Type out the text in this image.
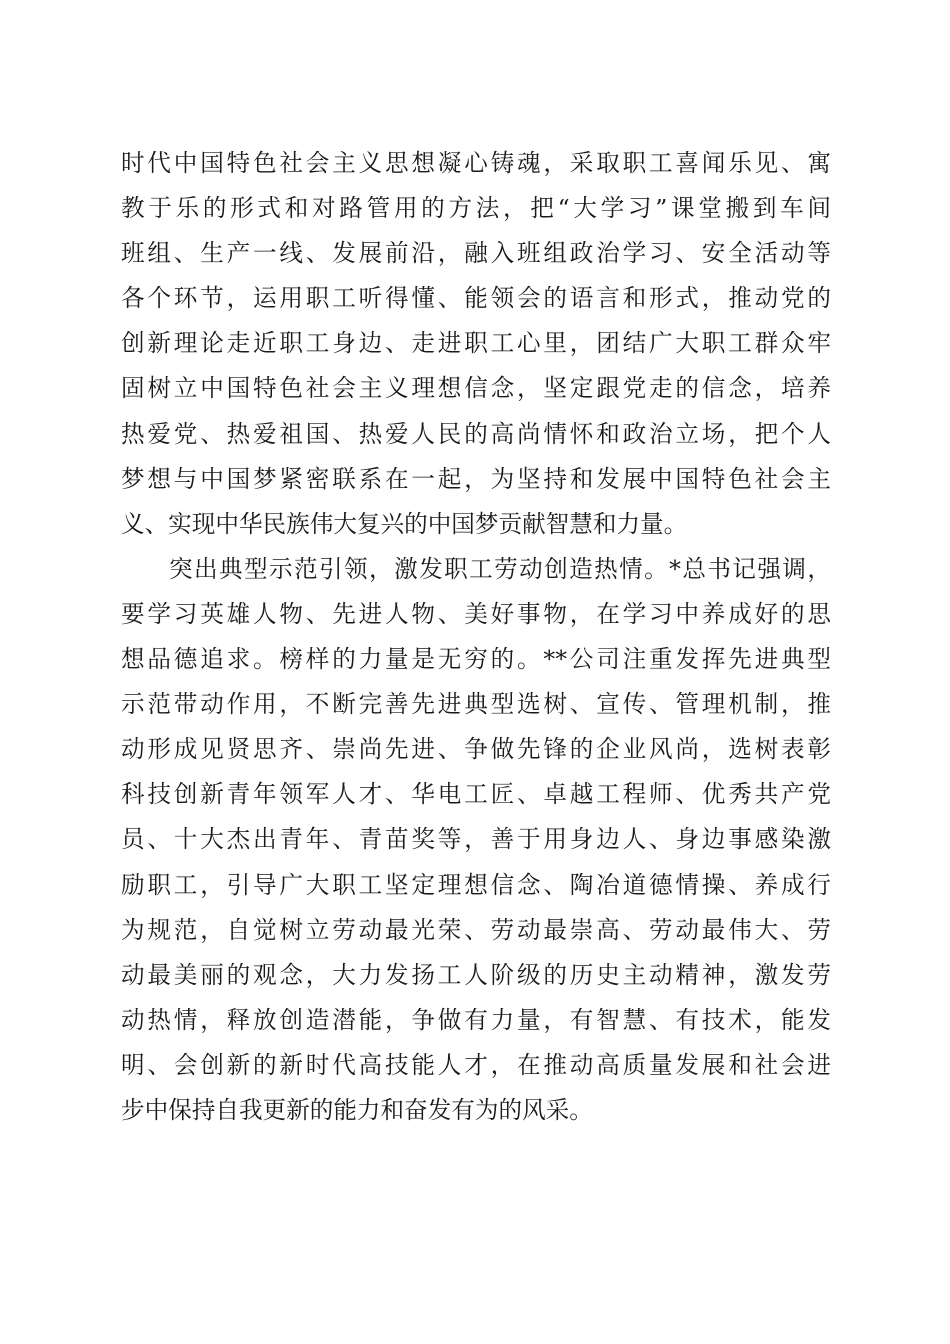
时代中国特色社会主义思想凝心铸魂，采取职工喜闻乐见、寓
教于乐的形式和对路管用的方法，把“大学习”课堂搬到车间
班组、生产一线、发展前沿，融入班组政治学习、安全活动等
各个环节，运用职工听得懂、能领会的语言和形式，推动党的
创新理论走近职工身边、走进职工心里，团结广大职工群众牢
固树立中国特色社会主义理想信念，坚定跟党走的信念，培养
热爱党、热爱祖国、热爱人民的高尚情怀和政治立场，把个人
梦想与中国梦紧密联系在一起，为坚持和发展中国特色社会主
义、实现中华民族伟大复兴的中国梦贡献智慧和力量。
突出典型示范引领，激发职工劳动创造热情。*总书记强调，
要学习英雄人物、先进人物、美好事物，在学习中养成好的思
想品德追求。榜样的力量是无穷的。**公司注重发挥先进典型
示范带动作用，不断完善先进典型选树、宣传、管理机制，推
动形成见贤思齐、崇尚先进、争做先锋的企业风尚，选树表彰
科技创新青年领军人才、华电工匠、卓越工程师、优秀共产党
员、十大杰出青年、青苗奖等，善于用身边人、身边事感染激
励职工，引导广大职工坚定理想信念、陶冶道德情操、养成行
为规范，自觉树立劳动最光荣、劳动最崇高、劳动最伟大、劳
动最美丽的观念，大力发扬工人阶级的历史主动精神，激发劳
动热情，释放创造潜能，争做有力量，有智慧、有技术，能发
明、会创新的新时代高技能人才，在推动高质量发展和社会进
步中保持自我更新的能力和奋发有为的风采。
